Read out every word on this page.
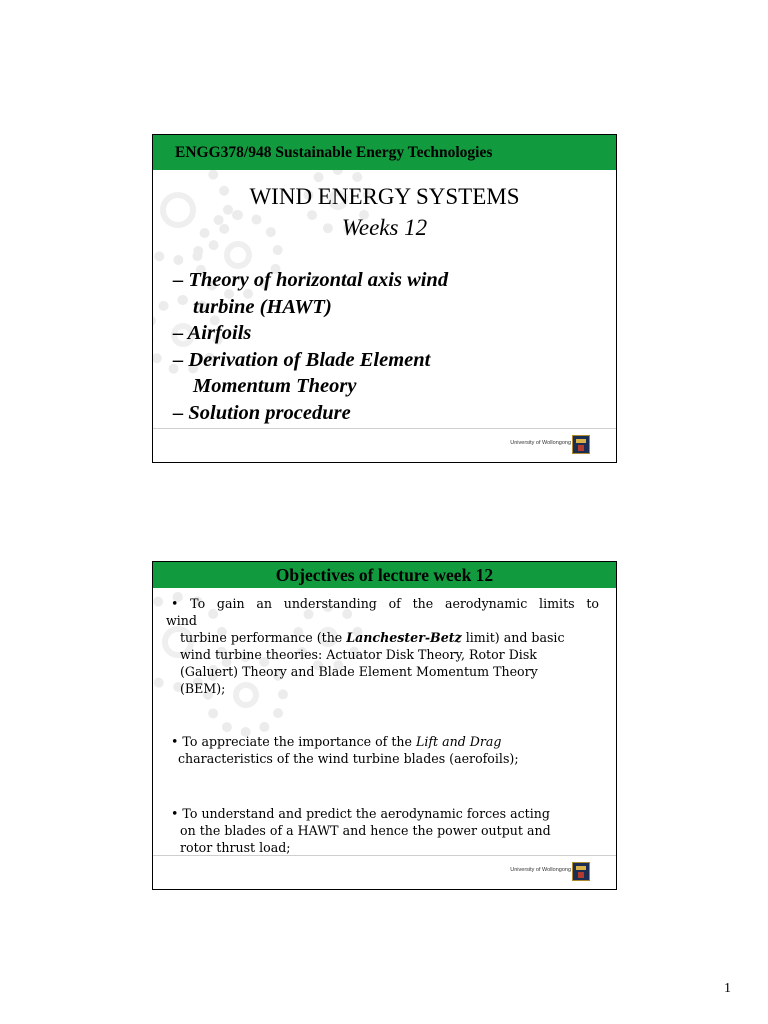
ENGG378/948 Sustainable Energy Technologies
WIND ENERGY SYSTEMS
Weeks 12
– Theory of horizontal axis wind
turbine (HAWT)
– Airfoils
– Derivation of Blade Element
Momentum Theory
– Solution procedure
University of Wollongong
Objectives of lecture week 12
• To gain an understanding of the aerodynamic limits to
wind
turbine performance (the Lanchester-Betz limit) and basic
wind turbine theories: Actuator Disk Theory, Rotor Disk
(Galuert) Theory and Blade Element Momentum Theory
(BEM);
• To appreciate the importance of the Lift and Drag
characteristics of the wind turbine blades (aerofoils);
• To understand and predict the aerodynamic forces acting
on the blades of a HAWT and hence the power output and
rotor thrust load;
University of Wollongong
1
